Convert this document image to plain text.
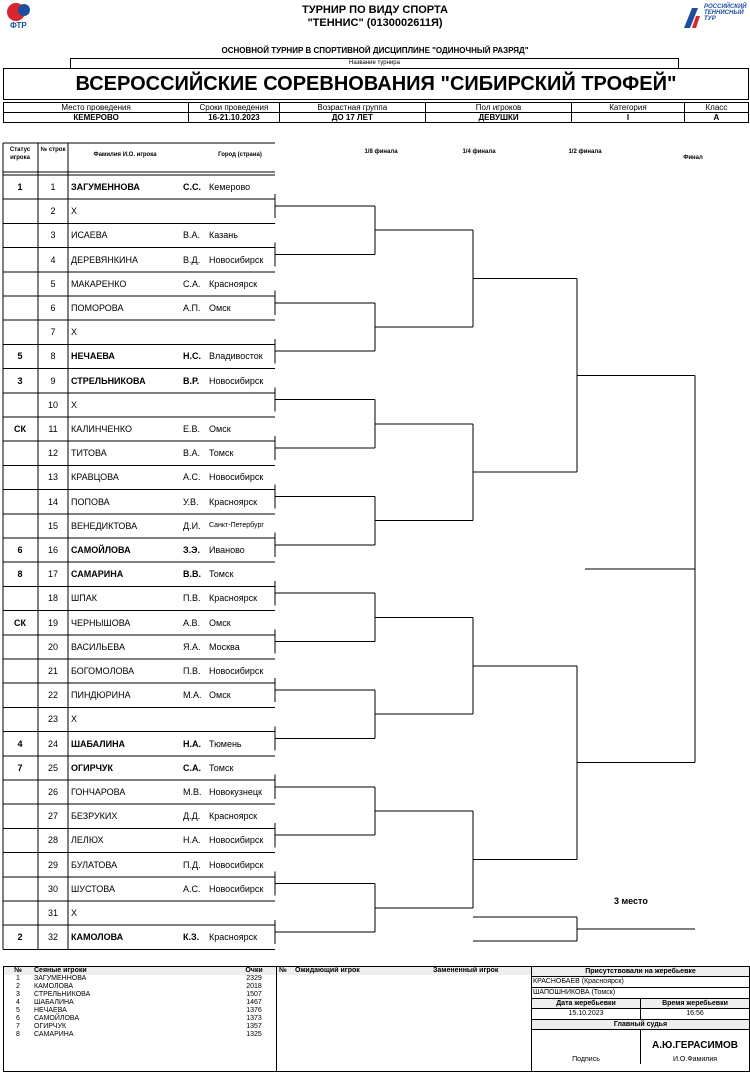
ФТР
ТУРНИР ПО ВИДУ СПОРТА
"ТЕННИС" (0130002611Я)
РОССИЙСКИЙ ТЕННИСНЫЙ ТУР
ОСНОВНОЙ ТУРНИР В СПОРТИВНОЙ ДИСЦИПЛИНЕ "ОДИНОЧНЫЙ РАЗРЯД"
Название турнира
ВСЕРОССИЙСКИЕ СОРЕВНОВАНИЯ "СИБИРСКИЙ ТРОФЕЙ"
Место проведения	Сроки проведения	Возрастная группа	Пол игроков	Категория	Класс
КЕМЕРОВО	16-21.10.2023	ДО 17 ЛЕТ	ДЕВУШКИ	I	A
Статус игрока
№ строк
Фамилия И.О. игрока	Город (страна)	1/8 финала	1/4 финала	1/2 финала
Финал
1	1	ЗАГУМЕННОВА	С.С. Кемерово
2	Х
3	ИСАЕВА	В.А. Казань
4	ДЕРЕВЯНКИНА	В.Д. Новосибирск
5	МАКАРЕНКО	С.А. Красноярск
6	ПОМОРОВА	А.П. Омск
7	Х
5	8	НЕЧАЕВА	Н.С. Владивосток
3	9	СТРЕЛЬНИКОВА	В.Р. Новосибирск
10	Х
СК	11	КАЛИНЧЕНКО	Е.В. Омск
12	ТИТОВА	В.А. Томск
13	КРАВЦОВА	А.С. Новосибирск
14	ПОПОВА	У.В. Красноярск
15	ВЕНЕДИКТОВА	Д.И. Санкт-Петербург
6	16	САМОЙЛОВА	З.Э. Иваново
8	17	САМАРИНА	В.В. Томск
18	ШПАК	П.В. Красноярск
СК	19	ЧЕРНЫШОВА	А.В. Омск
20	ВАСИЛЬЕВА	Я.А. Москва
21	БОГОМОЛОВА	П.В. Новосибирск
22	ПИНДЮРИНА	М.А. Омск
23	Х
4	24	ШАБАЛИНА	Н.А. Тюмень
7	25	ОГИРЧУК	С.А. Томск
26	ГОНЧАРОВА	М.В. Новокузнецк
27	БЕЗРУКИХ	Д.Д. Красноярск
28	ЛЕЛЮХ	Н.А. Новосибирск
29	БУЛАТОВА	П.Д. Новосибирск
30	ШУСТОВА	А.С. Новосибирск
31	Х
2	32	КАМОЛОВА	К.З. Красноярск
3 место
№	Сеяные игроки	Очки
1	ЗАГУМЕННОВА	2329
2	КАМОЛОВА	2018
3	СТРЕЛЬНИКОВА	1507
4	ШАБАЛИНА	1467
5	НЕЧАЕВА	1376
6	САМОЙЛОВА	1373
7	ОГИРЧУК	1357
8	САМАРИНА	1325
№	Ожидающий игрок	Замененный игрок	Присутствовали на жеребьевке
КРАСНОБАЕВ (Красноярск)
ШАПОШНИКОВА (Томск)
Дата жеребьевки	Время жеребьевки
15.10.2023	16:56
Главный судья
Подпись
А.Ю.ГЕРАСИМОВ
И.О.Фамилия
